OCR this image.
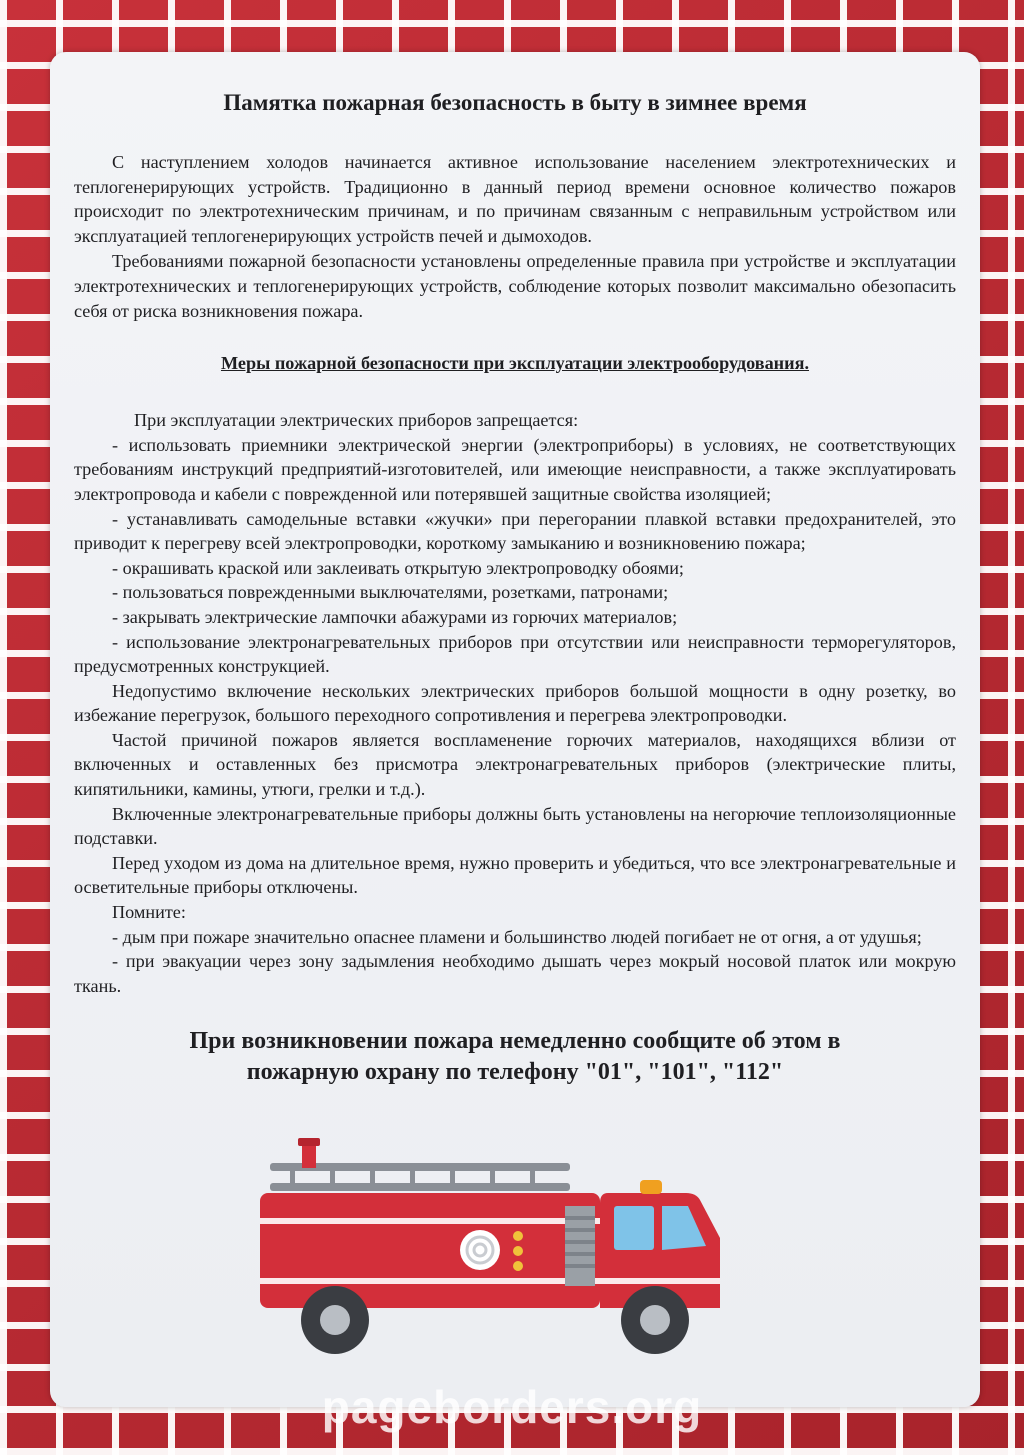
Памятка пожарная безопасность в быту в зимнее время

С наступлением холодов начинается активное использование населением электротехнических и теплогенерирующих устройств. Традиционно в данный период времени основное количество пожаров происходит по электротехническим причинам, и по причинам связанным с неправильным устройством или эксплуатацией теплогенерирующих устройств печей и дымоходов.

Требованиями пожарной безопасности установлены определенные правила при устройстве и эксплуатации электротехнических и теплогенерирующих устройств, соблюдение которых позволит максимально обезопасить себя от риска возникновения пожара.

Меры пожарной безопасности при эксплуатации электрооборудования.

При эксплуатации электрических приборов запрещается:

- использовать приемники электрической энергии (электроприборы) в условиях, не соответствующих требованиям инструкций предприятий-изготовителей, или имеющие неисправности, а также эксплуатировать электропровода и кабели с поврежденной или потерявшей защитные свойства изоляцией;

- устанавливать самодельные вставки «жучки» при перегорании плавкой вставки предохранителей, это приводит к перегреву всей электропроводки, короткому замыканию и возникновению пожара;

- окрашивать краской или заклеивать открытую электропроводку обоями;

- пользоваться поврежденными выключателями, розетками, патронами;

- закрывать электрические лампочки абажурами из горючих материалов;

- использование электронагревательных приборов при отсутствии или неисправности терморегуляторов, предусмотренных конструкцией.

Недопустимо включение нескольких электрических приборов большой мощности в одну розетку, во избежание перегрузок, большого переходного сопротивления и перегрева электропроводки.

Частой причиной пожаров является воспламенение горючих материалов, находящихся вблизи от включенных и оставленных без присмотра электронагревательных приборов (электрические плиты, кипятильники, камины, утюги, грелки и т.д.).

Включенные электронагревательные приборы должны быть установлены на негорючие теплоизоляционные подставки.

Перед уходом из дома на длительное время, нужно проверить и убедиться, что все электронагревательные и осветительные приборы отключены.

Помните:

- дым при пожаре значительно опаснее пламени и большинство людей погибает не от огня, а от удушья;

- при эвакуации через зону задымления необходимо дышать через мокрый носовой платок или мокрую ткань.

При возникновении пожара немедленно сообщите об этом в
пожарную охрану по телефону "01", "101", "112"
pageborders.org
